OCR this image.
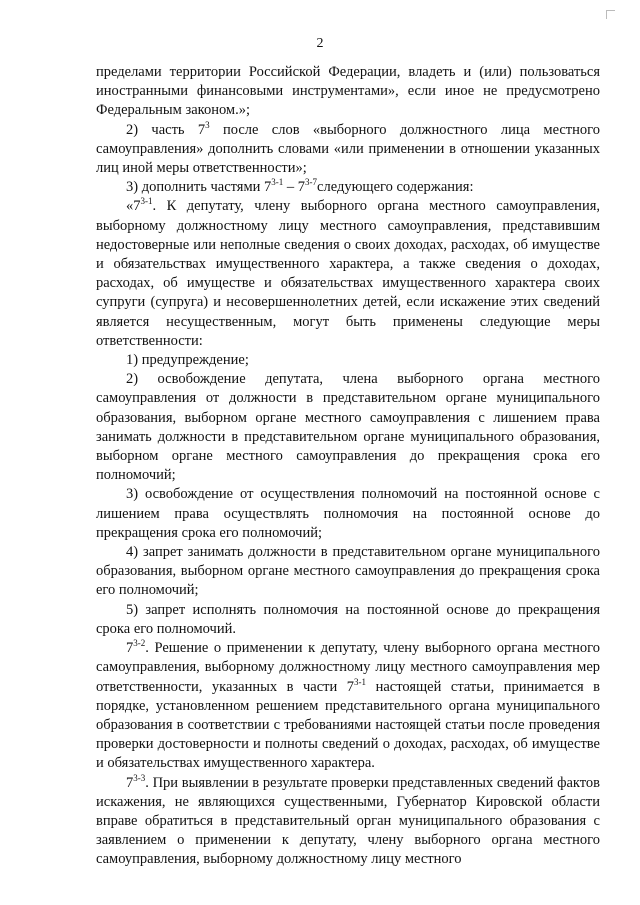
2

пределами территории Российской Федерации, владеть и (или) пользоваться иностранными финансовыми инструментами», если иное не предусмотрено Федеральным законом.»;

2) часть $7^3$ после слов «выборного должностного лица местного самоуправления» дополнить словами «или применении в отношении указанных лиц иной меры ответственности»;

3) дополнить частями 7$^{3-1}$ – 7$^{3-7}$следующего содержания:

«7$^{3-1}$. К депутату, члену выборного органа местного самоуправления, выборному должностному лицу местного самоуправления, представившим недостоверные или неполные сведения о своих доходах, расходах, об имуществе и обязательствах имущественного характера, а также сведения о доходах, расходах, об имуществе и обязательствах имущественного характера своих супруги (супруга) и несовершеннолетних детей, если искажение этих сведений является несущественным, могут быть применены следующие меры ответственности:

1) предупреждение;

2) освобождение депутата, члена выборного органа местного самоуправления от должности в представительном органе муниципального образования, выборном органе местного самоуправления с лишением права занимать должности в представительном органе муниципального образования, выборном органе местного самоуправления до прекращения срока его полномочий;

3) освобождение от осуществления полномочий на постоянной основе с лишением права осуществлять полномочия на постоянной основе до прекращения срока его полномочий;

4) запрет занимать должности в представительном органе муниципального образования, выборном органе местного самоуправления до прекращения срока его полномочий;

5) запрет исполнять полномочия на постоянной основе до прекращения срока его полномочий.

7$^{3-2}$. Решение о применении к депутату, члену выборного органа местного самоуправления, выборному должностному лицу местного самоуправления мер ответственности, указанных в части 7$^{3-1}$ настоящей статьи, принимается в порядке, установленном решением представительного органа муниципального образования в соответствии с требованиями настоящей статьи после проведения проверки достоверности и полноты сведений о доходах, расходах, об имуществе и обязательствах имущественного характера.

7$^{3-3}$. При выявлении в результате проверки представленных сведений фактов искажения, не являющихся существенными, Губернатор Кировской области вправе обратиться в представительный орган муниципального образования с заявлением о применении к депутату, члену выборного органа местного самоуправления, выборному должностному лицу местного
